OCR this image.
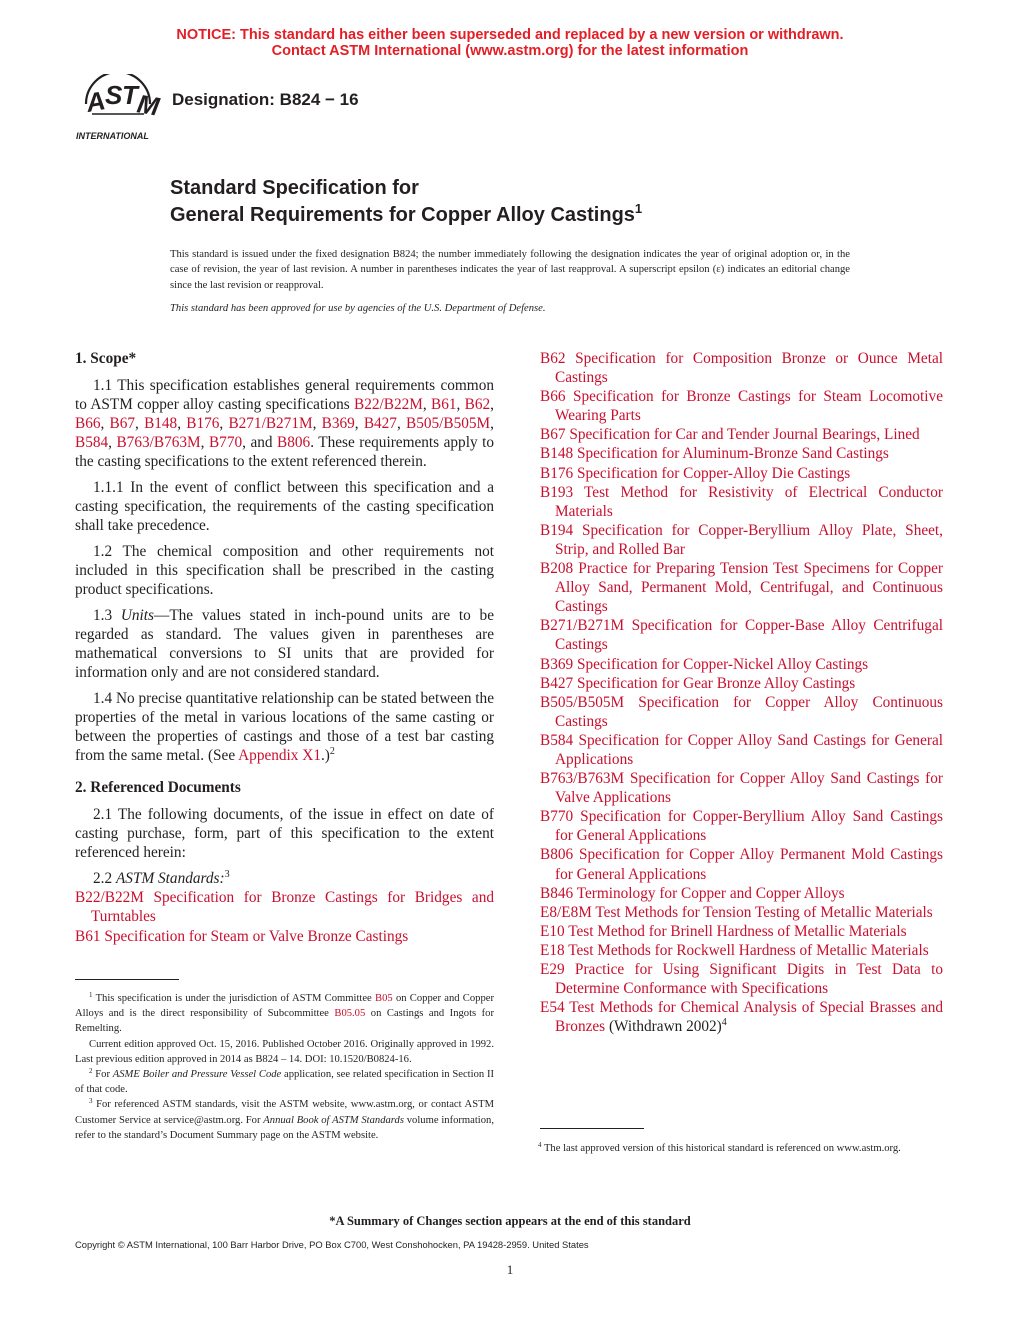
NOTICE: This standard has either been superseded and replaced by a new version or withdrawn.
Contact ASTM International (www.astm.org) for the latest information
A
S T
M
INTERNATIONAL
Designation: B824 − 16
Standard Specification for
General Requirements for Copper Alloy Castings$^1$
This standard is issued under the fixed designation B824; the number immediately following the designation indicates the year of original adoption or, in the case of revision, the year of last revision. A number in parentheses indicates the year of last reapproval. A superscript epsilon (ε) indicates an editorial change since the last revision or reapproval.
This standard has been approved for use by agencies of the U.S. Department of Defense.

1. Scope*

1.1 This specification establishes general requirements common to ASTM copper alloy casting specifications B22/B22M, B61, B62, B66, B67, B148, B176, B271/B271M, B369, B427, B505/B505M, B584, B763/B763M, B770, and B806. These requirements apply to the casting specifications to the extent referenced therein.

1.1.1 In the event of conflict between this specification and a casting specification, the requirements of the casting specification shall take precedence.

1.2 The chemical composition and other requirements not included in this specification shall be prescribed in the casting product specifications.

1.3 Units—The values stated in inch-pound units are to be regarded as standard. The values given in parentheses are mathematical conversions to SI units that are provided for information only and are not considered standard.

1.4 No precise quantitative relationship can be stated between the properties of the metal in various locations of the same casting or between the properties of castings and those of a test bar casting from the same metal. (See Appendix X1.)$^2$

2. Referenced Documents

2.1 The following documents, of the issue in effect on date of casting purchase, form, part of this specification to the extent referenced herein:

2.2 ASTM Standards:$^3$

B22/B22M Specification for Bronze Castings for Bridges and Turntables

B61 Specification for Steam or Valve Bronze Castings

B62 Specification for Composition Bronze or Ounce Metal Castings

B66 Specification for Bronze Castings for Steam Locomotive Wearing Parts

B67 Specification for Car and Tender Journal Bearings, Lined

B148 Specification for Aluminum-Bronze Sand Castings

B176 Specification for Copper-Alloy Die Castings

B193 Test Method for Resistivity of Electrical Conductor Materials

B194 Specification for Copper-Beryllium Alloy Plate, Sheet, Strip, and Rolled Bar

B208 Practice for Preparing Tension Test Specimens for Copper Alloy Sand, Permanent Mold, Centrifugal, and Continuous Castings

B271/B271M Specification for Copper-Base Alloy Centrifugal Castings

B369 Specification for Copper-Nickel Alloy Castings

B427 Specification for Gear Bronze Alloy Castings

B505/B505M Specification for Copper Alloy Continuous Castings

B584 Specification for Copper Alloy Sand Castings for General Applications

B763/B763M Specification for Copper Alloy Sand Castings for Valve Applications

B770 Specification for Copper-Beryllium Alloy Sand Castings for General Applications

B806 Specification for Copper Alloy Permanent Mold Castings for General Applications

B846 Terminology for Copper and Copper Alloys

E8/E8M Test Methods for Tension Testing of Metallic Materials

E10 Test Method for Brinell Hardness of Metallic Materials

E18 Test Methods for Rockwell Hardness of Metallic Materials

E29 Practice for Using Significant Digits in Test Data to Determine Conformance with Specifications

E54 Test Methods for Chemical Analysis of Special Brasses and Bronzes (Withdrawn 2002)$^4$

$^1$ This specification is under the jurisdiction of ASTM Committee B05 on Copper and Copper Alloys and is the direct responsibility of Subcommittee B05.05 on Castings and Ingots for Remelting.

Current edition approved Oct. 15, 2016. Published October 2016. Originally approved in 1992. Last previous edition approved in 2014 as B824 – 14. DOI: 10.1520/B0824-16.

$^2$ For ASME Boiler and Pressure Vessel Code application, see related specification in Section II of that code.

$^3$ For referenced ASTM standards, visit the ASTM website, www.astm.org, or contact ASTM Customer Service at service@astm.org. For Annual Book of ASTM Standards volume information, refer to the standard’s Document Summary page on the ASTM website.

$^4$ The last approved version of this historical standard is referenced on www.astm.org.

*A Summary of Changes section appears at the end of this standard
Copyright © ASTM International, 100 Barr Harbor Drive, PO Box C700, West Conshohocken, PA 19428-2959. United States
1
